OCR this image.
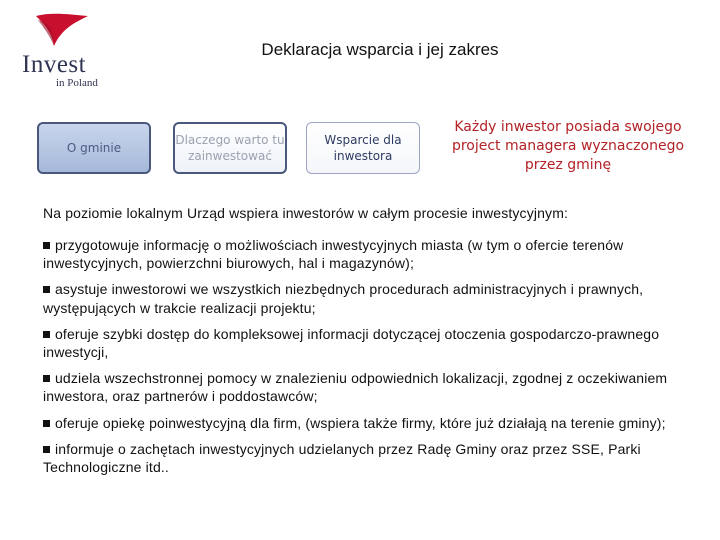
Invest
in Poland
Deklaracja wsparcia i jej zakres
O gminie
Dlaczego warto tu zainwestować
Wsparcie dla inwestora
Każdy inwestor posiada swojego project managera wyznaczonego przez gminę
Na poziomie lokalnym Urząd wspiera inwestorów w całym procesie inwestycyjnym:
przygotowuje informację o możliwościach inwestycyjnych miasta (w tym o ofercie terenów inwestycyjnych, powierzchni biurowych, hal i magazynów);
asystuje inwestorowi we wszystkich niezbędnych procedurach administracyjnych i prawnych, występujących w trakcie realizacji projektu;
oferuje szybki dostęp do kompleksowej informacji dotyczącej otoczenia gospodarczo-prawnego inwestycji,
udziela wszechstronnej pomocy w znalezieniu odpowiednich lokalizacji, zgodnej z oczekiwaniem inwestora, oraz partnerów i poddostawców;
oferuje opiekę poinwestycyjną dla firm, (wspiera także firmy, które już działają na terenie gminy);
informuje o zachętach inwestycyjnych udzielanych przez Radę Gminy oraz przez SSE, Parki Technologiczne itd..
